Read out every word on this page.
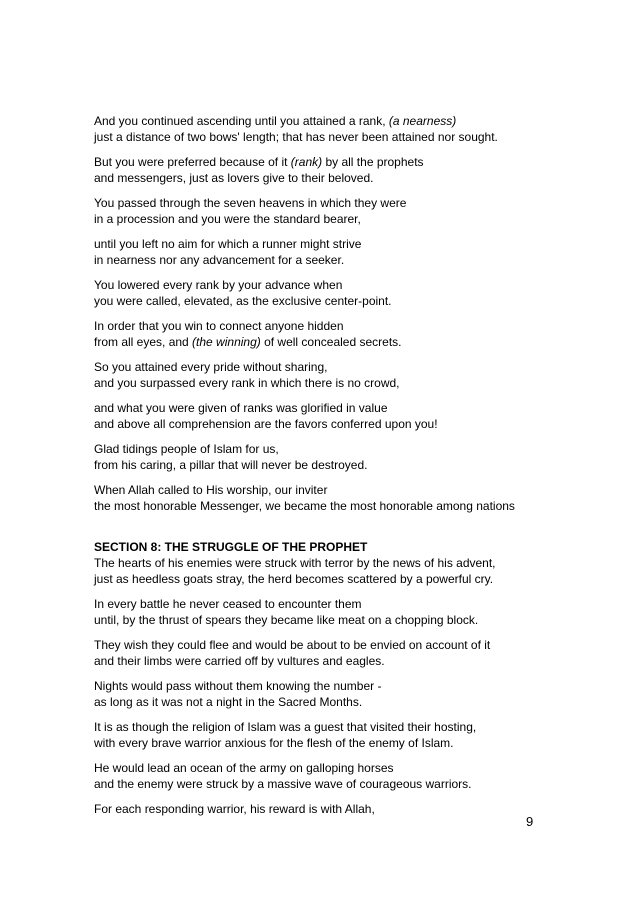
And you continued ascending until you attained a rank, (a nearness)
just a distance of two bows' length; that has never been attained nor sought.
But you were preferred because of it (rank) by all the prophets
and messengers, just as lovers give to their beloved.
You passed through the seven heavens in which they were
in a procession and you were the standard bearer,
until you left no aim for which a runner might strive
in nearness nor any advancement for a seeker.
You lowered every rank by your advance when
you were called, elevated, as the exclusive center-point.
In order that you win to connect anyone hidden
from all eyes, and (the winning) of well concealed secrets.
So you attained every pride without sharing,
and you surpassed every rank in which there is no crowd,
and what you were given of ranks was glorified in value
and above all comprehension are the favors conferred upon you!
Glad tidings people of Islam for us,
from his caring, a pillar that will never be destroyed.
When Allah called to His worship, our inviter
the most honorable Messenger, we became the most honorable among nations
SECTION 8: THE STRUGGLE OF THE PROPHET
The hearts of his enemies were struck with terror by the news of his advent,
just as heedless goats stray, the herd becomes scattered by a powerful cry.
In every battle he never ceased to encounter them
until, by the thrust of spears they became like meat on a chopping block.
They wish they could flee and would be about to be envied on account of it
and their limbs were carried off by vultures and eagles.
Nights would pass without them knowing the number -
as long as it was not a night in the Sacred Months.
It is as though the religion of Islam was a guest that visited their hosting,
with every brave warrior anxious for the flesh of the enemy of Islam.
He would lead an ocean of the army on galloping horses
and the enemy were struck by a massive wave of courageous warriors.
For each responding warrior, his reward is with Allah,
9
